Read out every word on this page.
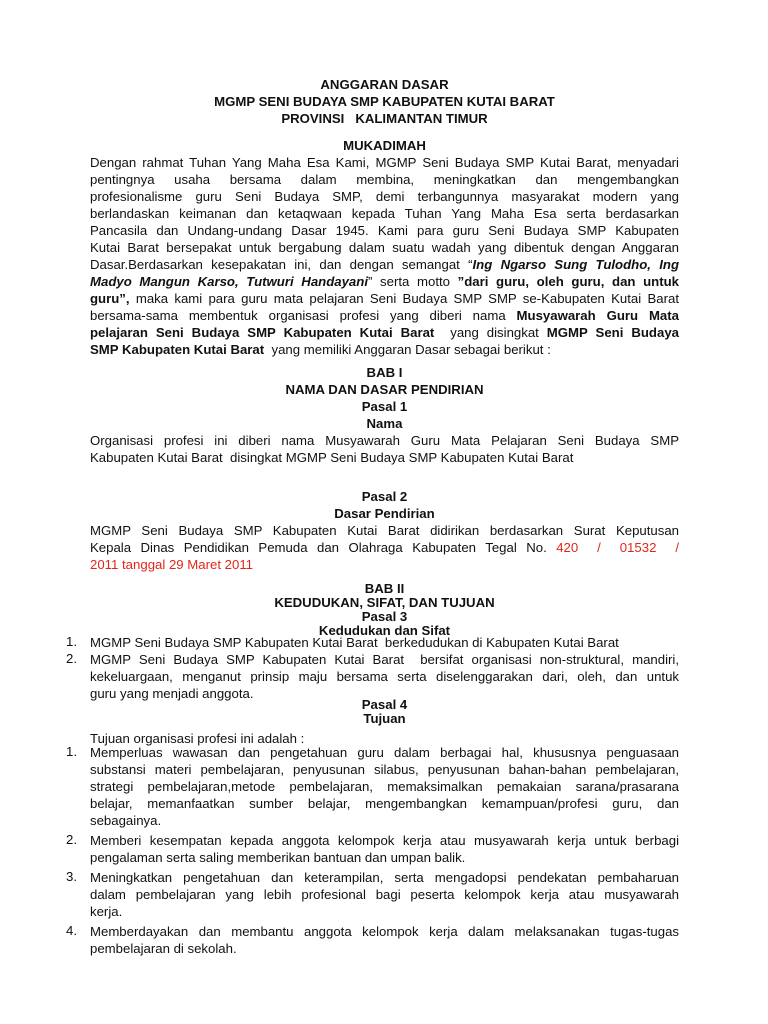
ANGGARAN DASAR
MGMP SENI BUDAYA SMP KABUPATEN KUTAI BARAT
PROVINSI   KALIMANTAN TIMUR
MUKADIMAH
Dengan rahmat Tuhan Yang Maha Esa Kami, MGMP Seni Budaya SMP Kutai Barat, menyadari
pentingnya usaha bersama dalam membina, meningkatkan dan mengembangkan
profesionalisme guru Seni Budaya SMP, demi terbangunnya masyarakat modern yang
berlandaskan keimanan dan ketaqwaan kepada Tuhan Yang Maha Esa serta berdasarkan
Pancasila dan Undang-undang Dasar 1945. Kami para guru Seni Budaya SMP Kabupaten
Kutai Barat bersepakat untuk bergabung dalam suatu wadah yang dibentuk dengan Anggaran
Dasar.Berdasarkan kesepakatan ini, dan dengan semangat “Ing Ngarso Sung Tulodho, Ing
Madyo Mangun Karso, Tutwuri Handayani” serta motto ”dari guru, oleh guru, dan untuk
guru”, maka kami para guru mata pelajaran Seni Budaya SMP SMP se-Kabupaten Kutai Barat
bersama-sama membentuk organisasi profesi yang diberi nama Musyawarah Guru Mata
pelajaran Seni Budaya SMP Kabupaten Kutai Barat  yang disingkat MGMP Seni Budaya
SMP Kabupaten Kutai Barat  yang memiliki Anggaran Dasar sebagai berikut :
BAB I
NAMA DAN DASAR PENDIRIAN
Pasal 1
Nama
Organisasi profesi ini diberi nama Musyawarah Guru Mata Pelajaran Seni Budaya SMP
Kabupaten Kutai Barat  disingkat MGMP Seni Budaya SMP Kabupaten Kutai Barat
Pasal 2
Dasar Pendirian
MGMP Seni Budaya SMP Kabupaten Kutai Barat didirikan berdasarkan Surat Keputusan
Kepala Dinas Pendidikan Pemuda dan Olahraga Kabupaten Tegal No. 420  /  01532  /
2011 tanggal 29 Maret 2011
BAB II
KEDUDUKAN, SIFAT, DAN TUJUAN
Pasal 3
Kedudukan dan Sifat
1. MGMP Seni Budaya SMP Kabupaten Kutai Barat  berkedudukan di Kabupaten Kutai Barat
2. MGMP Seni Budaya SMP Kabupaten Kutai Barat  bersifat organisasi non-struktural, mandiri,
kekeluargaan, menganut prinsip maju bersama serta diselenggarakan dari, oleh, dan untuk
guru yang menjadi anggota.
Pasal 4
Tujuan
Tujuan organisasi profesi ini adalah :
1. Memperluas wawasan dan pengetahuan guru dalam berbagai hal, khususnya penguasaan
substansi materi pembelajaran, penyusunan silabus, penyusunan bahan-bahan pembelajaran,
strategi pembelajaran,metode pembelajaran, memaksimalkan pemakaian sarana/prasarana
belajar, memanfaatkan sumber belajar, mengembangkan kemampuan/profesi guru, dan
sebagainya.
2. Memberi kesempatan kepada anggota kelompok kerja atau musyawarah kerja untuk berbagi
pengalaman serta saling memberikan bantuan dan umpan balik.
3. Meningkatkan pengetahuan dan keterampilan, serta mengadopsi pendekatan pembaharuan
dalam pembelajaran yang lebih profesional bagi peserta kelompok kerja atau musyawarah
kerja.
4. Memberdayakan dan membantu anggota kelompok kerja dalam melaksanakan tugas-tugas
pembelajaran di sekolah.
